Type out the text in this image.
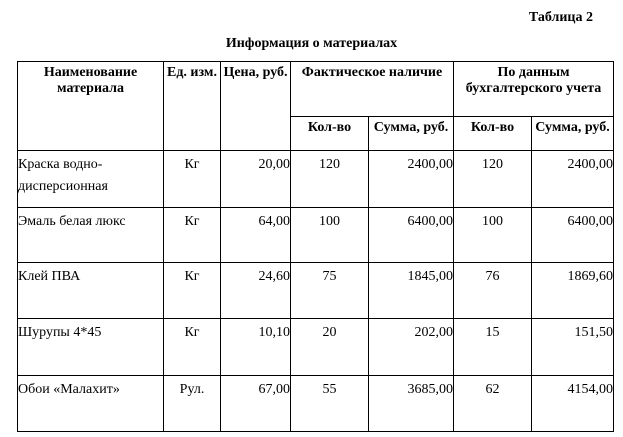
Таблица 2
Информация о материалах
Наименование материала	Ед. изм.	Цена, руб.	Фактическое наличие		По данным бухгалтерского учета	
			Кол-во	Сумма, руб.	Кол-во	Сумма, руб.
Краска воднодисперсионная	Кг	20,00	120	2400,00	120	2400,00
Эмаль белая люкс	Кг	64,00	100	6400,00	100	6400,00
Клей ПВА	Кг	24,60	75	1845,00	76	1869,60
Шурупы 4*45	Кг	10,10	20	202,00	15	151,50
Обои «Малахит»	Рул.	67,00	55	3685,00	62	4154,00
